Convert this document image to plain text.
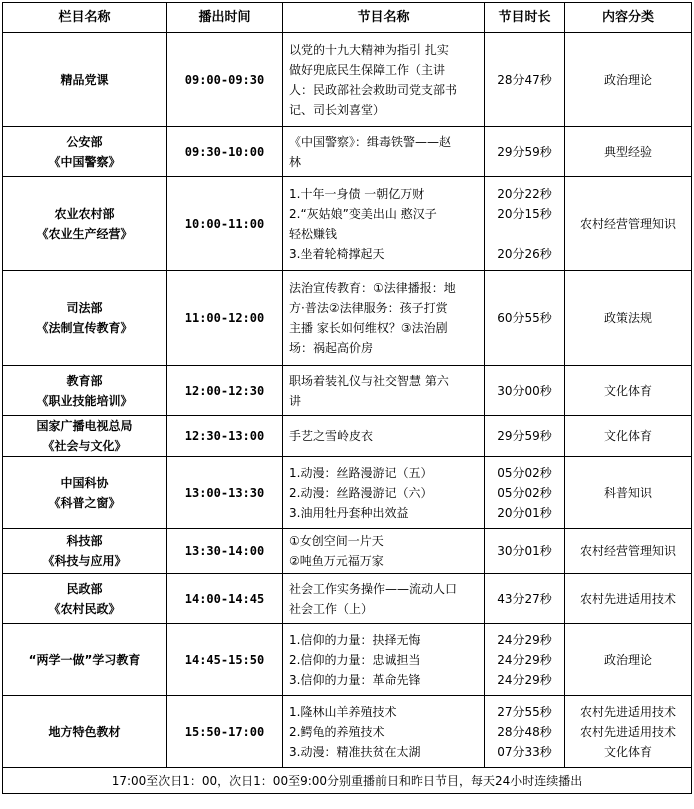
栏目名称	播出时间	节目名称	节目时长	内容分类

精品党课	09:00-09:30	以党的十九大精神为指引 扎实
做好兜底民生保障工作（主讲
人：民政部社会救助司党支部书
记、司长刘喜堂）	28分47秒	政治理论

公安部
《中国警察》	09:30-10:00	《中国警察》：缉毒铁警——赵
林	29分59秒	典型经验

农业农村部
《农业生产经营》	10:00-11:00	1.十年一身债 一朝亿万财
2.“灰姑娘”变美出山 憨汉子
轻松赚钱
3.坐着轮椅撑起天	20分22秒
20分15秒

20分26秒	农村经营管理知识

司法部
《法制宣传教育》	11:00-12:00	法治宣传教育：①法律播报：地
方·普法②法律服务：孩子打赏
主播 家长如何维权？③法治剧
场：祸起高价房	60分55秒	政策法规

教育部
《职业技能培训》	12:00-12:30	职场着装礼仪与社交智慧 第六
讲	30分00秒	文化体育

国家广播电视总局
《社会与文化》	12:30-13:00	手艺之雪岭皮衣	29分59秒	文化体育

中国科协
《科普之窗》	13:00-13:30	1.动漫：丝路漫游记（五）
2.动漫：丝路漫游记（六）
3.油用牡丹套种出效益	05分02秒
05分02秒
20分01秒	科普知识

科技部
《科技与应用》	13:30-14:00	①女创空间一片天
②吨鱼万元福万家	30分01秒	农村经营管理知识

民政部
《农村民政》	14:00-14:45	社会工作实务操作——流动人口
社会工作（上）	43分27秒	农村先进适用技术

“两学一做”学习教育	14:45-15:50	1.信仰的力量：抉择无悔
2.信仰的力量：忠诚担当
3.信仰的力量：革命先锋	24分29秒
24分29秒
24分29秒	政治理论

地方特色教材	15:50-17:00	1.隆林山羊养殖技术
2.鳄龟的养殖技术
3.动漫：精准扶贫在太湖	27分55秒
28分48秒
07分33秒	农村先进适用技术
农村先进适用技术
文化体育

17:00至次日1：00，次日1：00至9:00分别重播前日和昨日节目，每天24小时连续播出				
